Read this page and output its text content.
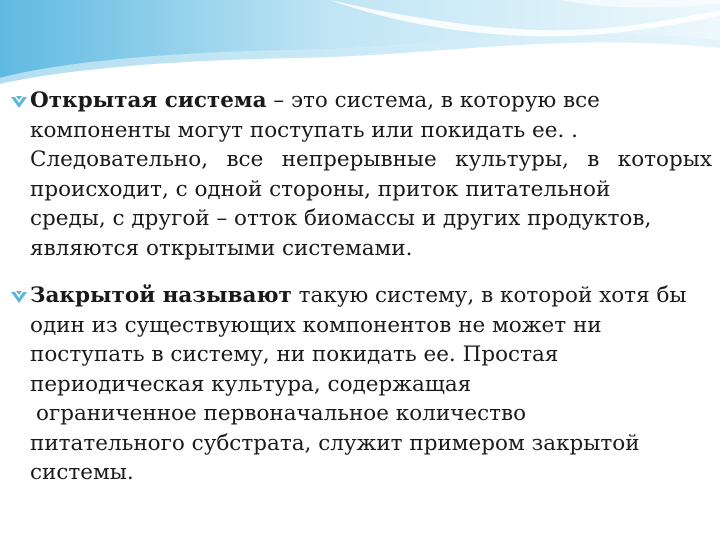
Открытая система – это система, в которую все
компоненты могут поступать или покидать ее. .
Следовательно, все непрерывные культуры, в которых
происходит, с одной стороны, приток питательной
среды, с другой – отток биомассы и других продуктов,
являются открытыми системами.
Закрытой называют такую систему, в которой хотя бы
один из существующих компонентов не может ни
поступать в систему, ни покидать ее. Простая
периодическая культура, содержащая
ограниченное первоначальное количество
питательного субстрата, служит примером закрытой
системы.
